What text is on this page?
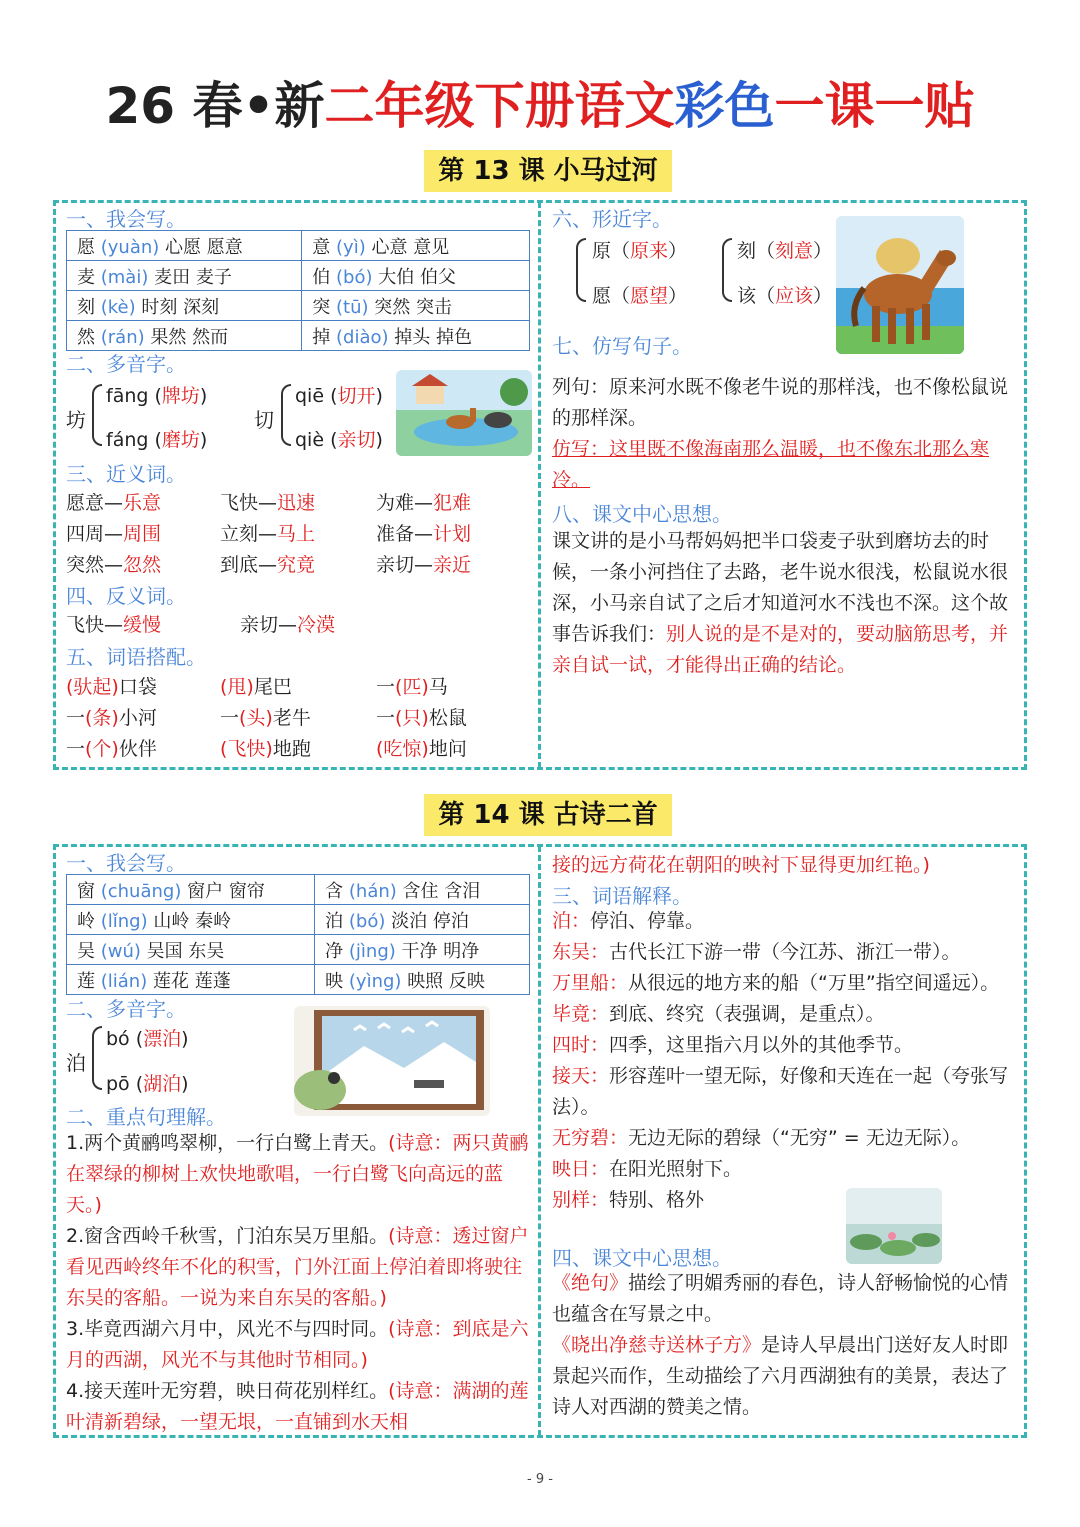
26 春•新二年级下册语文彩色一课一贴
第 13 课 小马过河
一、我会写。
愿 (yuàn) 心愿 愿意	意 (yì) 心意 意见
麦 (mài) 麦田 麦子	伯 (bó) 大伯 伯父
刻 (kè) 时刻 深刻	突 (tū) 突然 突击
然 (rán) 果然 然而	掉 (diào) 掉头 掉色
二、多音字。
坊
fāng (牌坊)
fáng (磨坊)
切
qiē (切开)
qiè (亲切)
三、近义词。
愿意—乐意	飞快—迅速	为难—犯难
四周—周围	立刻—马上	准备—计划
突然—忽然	到底—究竟	亲切—亲近
四、反义词。
飞快—缓慢	亲切—冷漠
五、词语搭配。
(驮起)口袋	(甩)尾巴	一(匹)马
一(条)小河	一(头)老牛	一(只)松鼠
一(个)伙伴	(飞快)地跑	(吃惊)地问
六、形近字。
原（原来）
愿（愿望）
刻（刻意）
该（应该）
七、仿写句子。
列句：原来河水既不像老牛说的那样浅，也不像松鼠说的那样深。
仿写：这里既不像海南那么温暖，也不像东北那么寒冷。
八、课文中心思想。
课文讲的是小马帮妈妈把半口袋麦子驮到磨坊去的时候，一条小河挡住了去路，老牛说水很浅，松鼠说水很深，小马亲自试了之后才知道河水不浅也不深。这个故事告诉我们：别人说的是不是对的，要动脑筋思考，并亲自试一试，才能得出正确的结论。
第 14 课 古诗二首
一、我会写。
窗 (chuāng) 窗户 窗帘	含 (hán) 含住 含泪
岭 (lǐng) 山岭 秦岭	泊 (bó) 淡泊 停泊
吴 (wú) 吴国 东吴	净 (jìng) 干净 明净
莲 (lián) 莲花 莲蓬	映 (yìng) 映照 反映
二、多音字。
泊
bó (漂泊)
pō (湖泊)
二、重点句理解。
1.两个黄鹂鸣翠柳，一行白鹭上青天。(诗意：两只黄鹂在翠绿的柳树上欢快地歌唱，一行白鹭飞向高远的蓝天。)
2.窗含西岭千秋雪，门泊东吴万里船。(诗意：透过窗户看见西岭终年不化的积雪，门外江面上停泊着即将驶往东吴的客船。一说为来自东吴的客船。)
3.毕竟西湖六月中，风光不与四时同。(诗意：到底是六月的西湖，风光不与其他时节相同。)
4.接天莲叶无穷碧，映日荷花别样红。(诗意：满湖的莲叶清新碧绿，一望无垠，一直铺到水天相
接的远方荷花在朝阳的映衬下显得更加红艳。)
三、词语解释。
泊：停泊、停靠。
东吴：古代长江下游一带（今江苏、浙江一带）。
万里船：从很远的地方来的船（“万里”指空间遥远）。
毕竟：到底、终究（表强调，是重点）。
四时：四季，这里指六月以外的其他季节。
接天：形容莲叶一望无际，好像和天连在一起（夸张写法）。
无穷碧：无边无际的碧绿（“无穷” = 无边无际）。
映日：在阳光照射下。
别样：特别、格外
四、课文中心思想。
《绝句》描绘了明媚秀丽的春色，诗人舒畅愉悦的心情也蕴含在写景之中。
《晓出净慈寺送林子方》是诗人早晨出门送好友人时即景起兴而作，生动描绘了六月西湖独有的美景，表达了诗人对西湖的赞美之情。
- 9 -
